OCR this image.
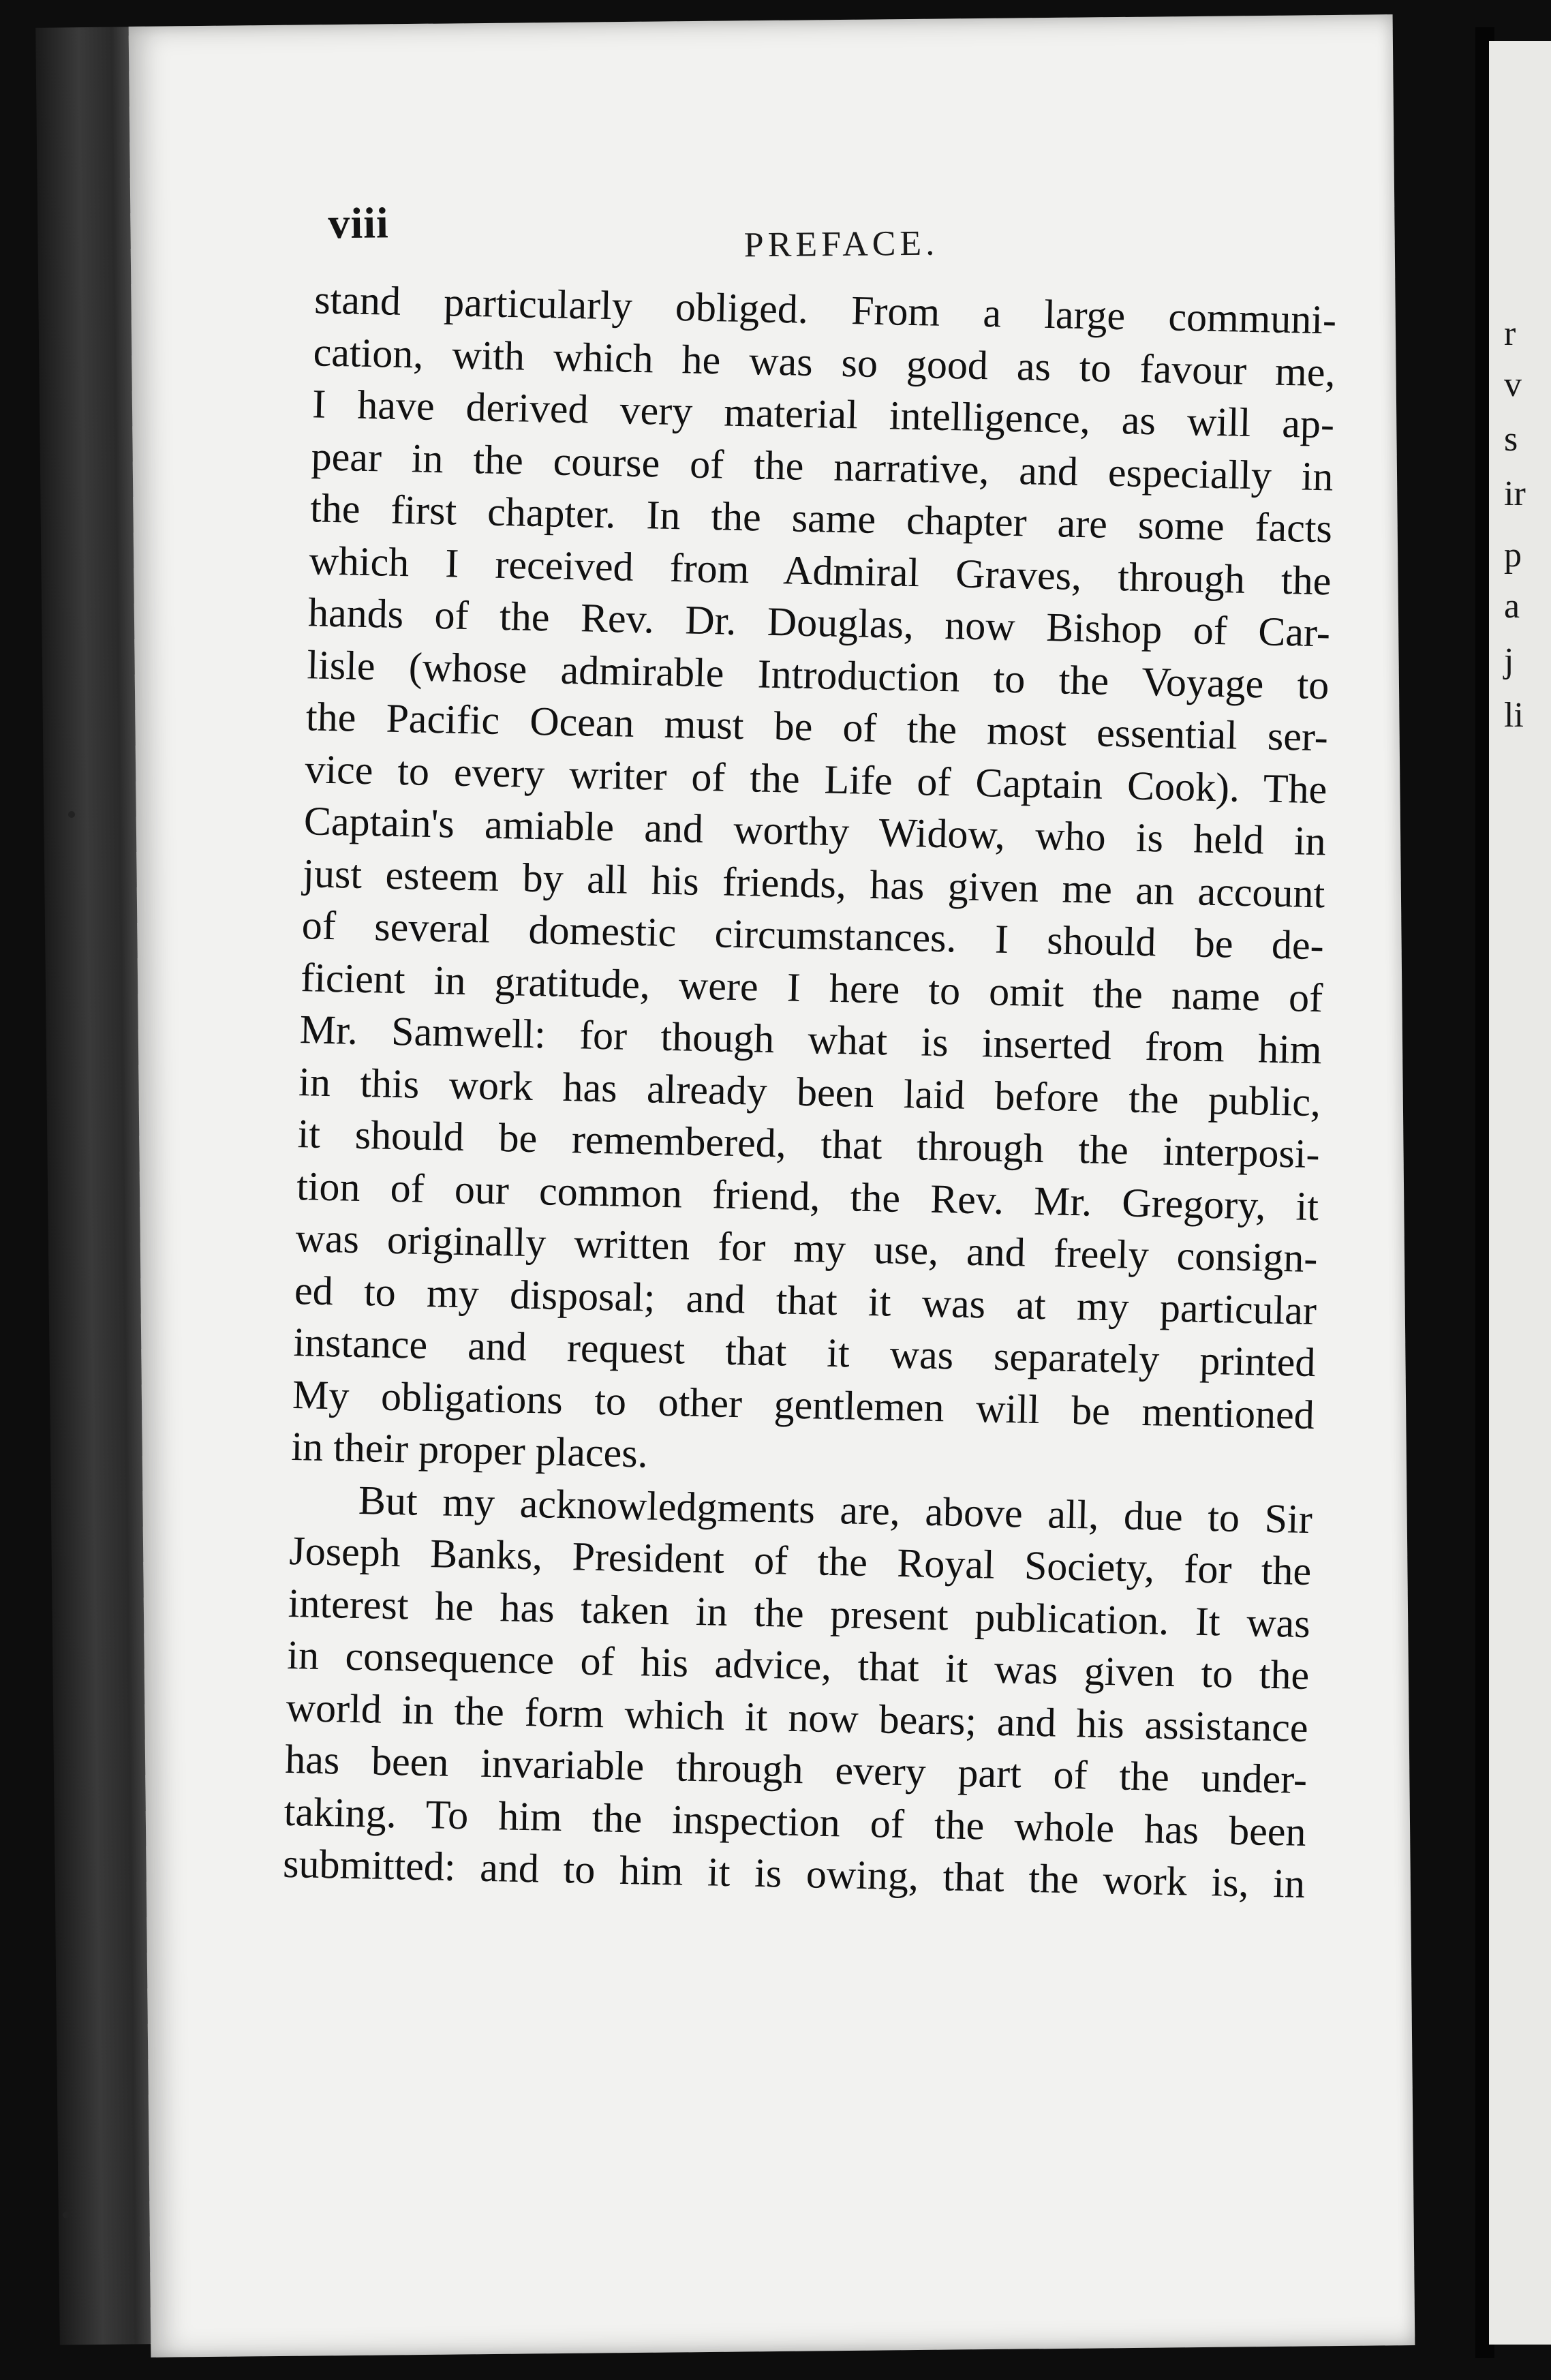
viii	PREFACE.
stand particularly obliged. From a large communi-
cation, with which he was so good as to favour me,
I have derived very material intelligence, as will ap-
pear in the course of the narrative, and especially in
the first chapter. In the same chapter are some facts
which I received from Admiral Graves, through the
hands of the Rev. Dr. Douglas, now Bishop of Car-
lisle (whose admirable Introduction to the Voyage to
the Pacific Ocean must be of the most essential ser-
vice to every writer of the Life of Captain Cook). The
Captain's amiable and worthy Widow, who is held in
just esteem by all his friends, has given me an account
of several domestic circumstances. I should be de-
ficient in gratitude, were I here to omit the name of
Mr. Samwell: for though what is inserted from him
in this work has already been laid before the public,
it should be remembered, that through the interposi-
tion of our common friend, the Rev. Mr. Gregory, it
was originally written for my use, and freely consign-
ed to my disposal; and that it was at my particular
instance and request that it was separately printed
My obligations to other gentlemen will be mentioned
in their proper places.
But my acknowledgments are, above all, due to Sir
Joseph Banks, President of the Royal Society, for the
interest he has taken in the present publication. It was
in consequence of his advice, that it was given to the
world in the form which it now bears; and his assistance
has been invariable through every part of the under-
taking. To him the inspection of the whole has been
submitted: and to him it is owing, that the work is, in
r
v
s
ir
p
a
j
li
